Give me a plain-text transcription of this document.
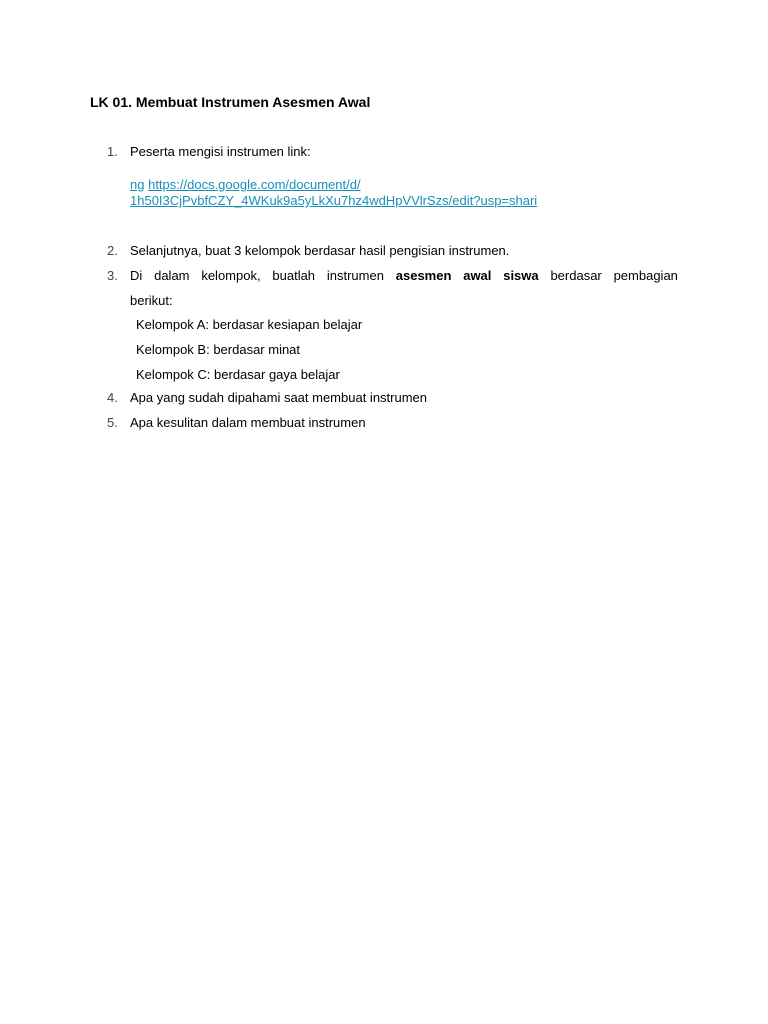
LK 01. Membuat Instrumen Asesmen Awal
1. Peserta mengisi instrumen link:
ng https://docs.google.com/document/d/
1h50I3CjPvbfCZY_4WKuk9a5yLkXu7hz4wdHpVVlrSzs/edit?usp=shari
2. Selanjutnya, buat 3 kelompok berdasar hasil pengisian instrumen.
3. Di dalam kelompok, buatlah instrumen asesmen awal siswa berdasar pembagian
berikut:
Kelompok A: berdasar kesiapan belajar
Kelompok B: berdasar minat
Kelompok C: berdasar gaya belajar
4. Apa yang sudah dipahami saat membuat instrumen
5. Apa kesulitan dalam membuat instrumen
